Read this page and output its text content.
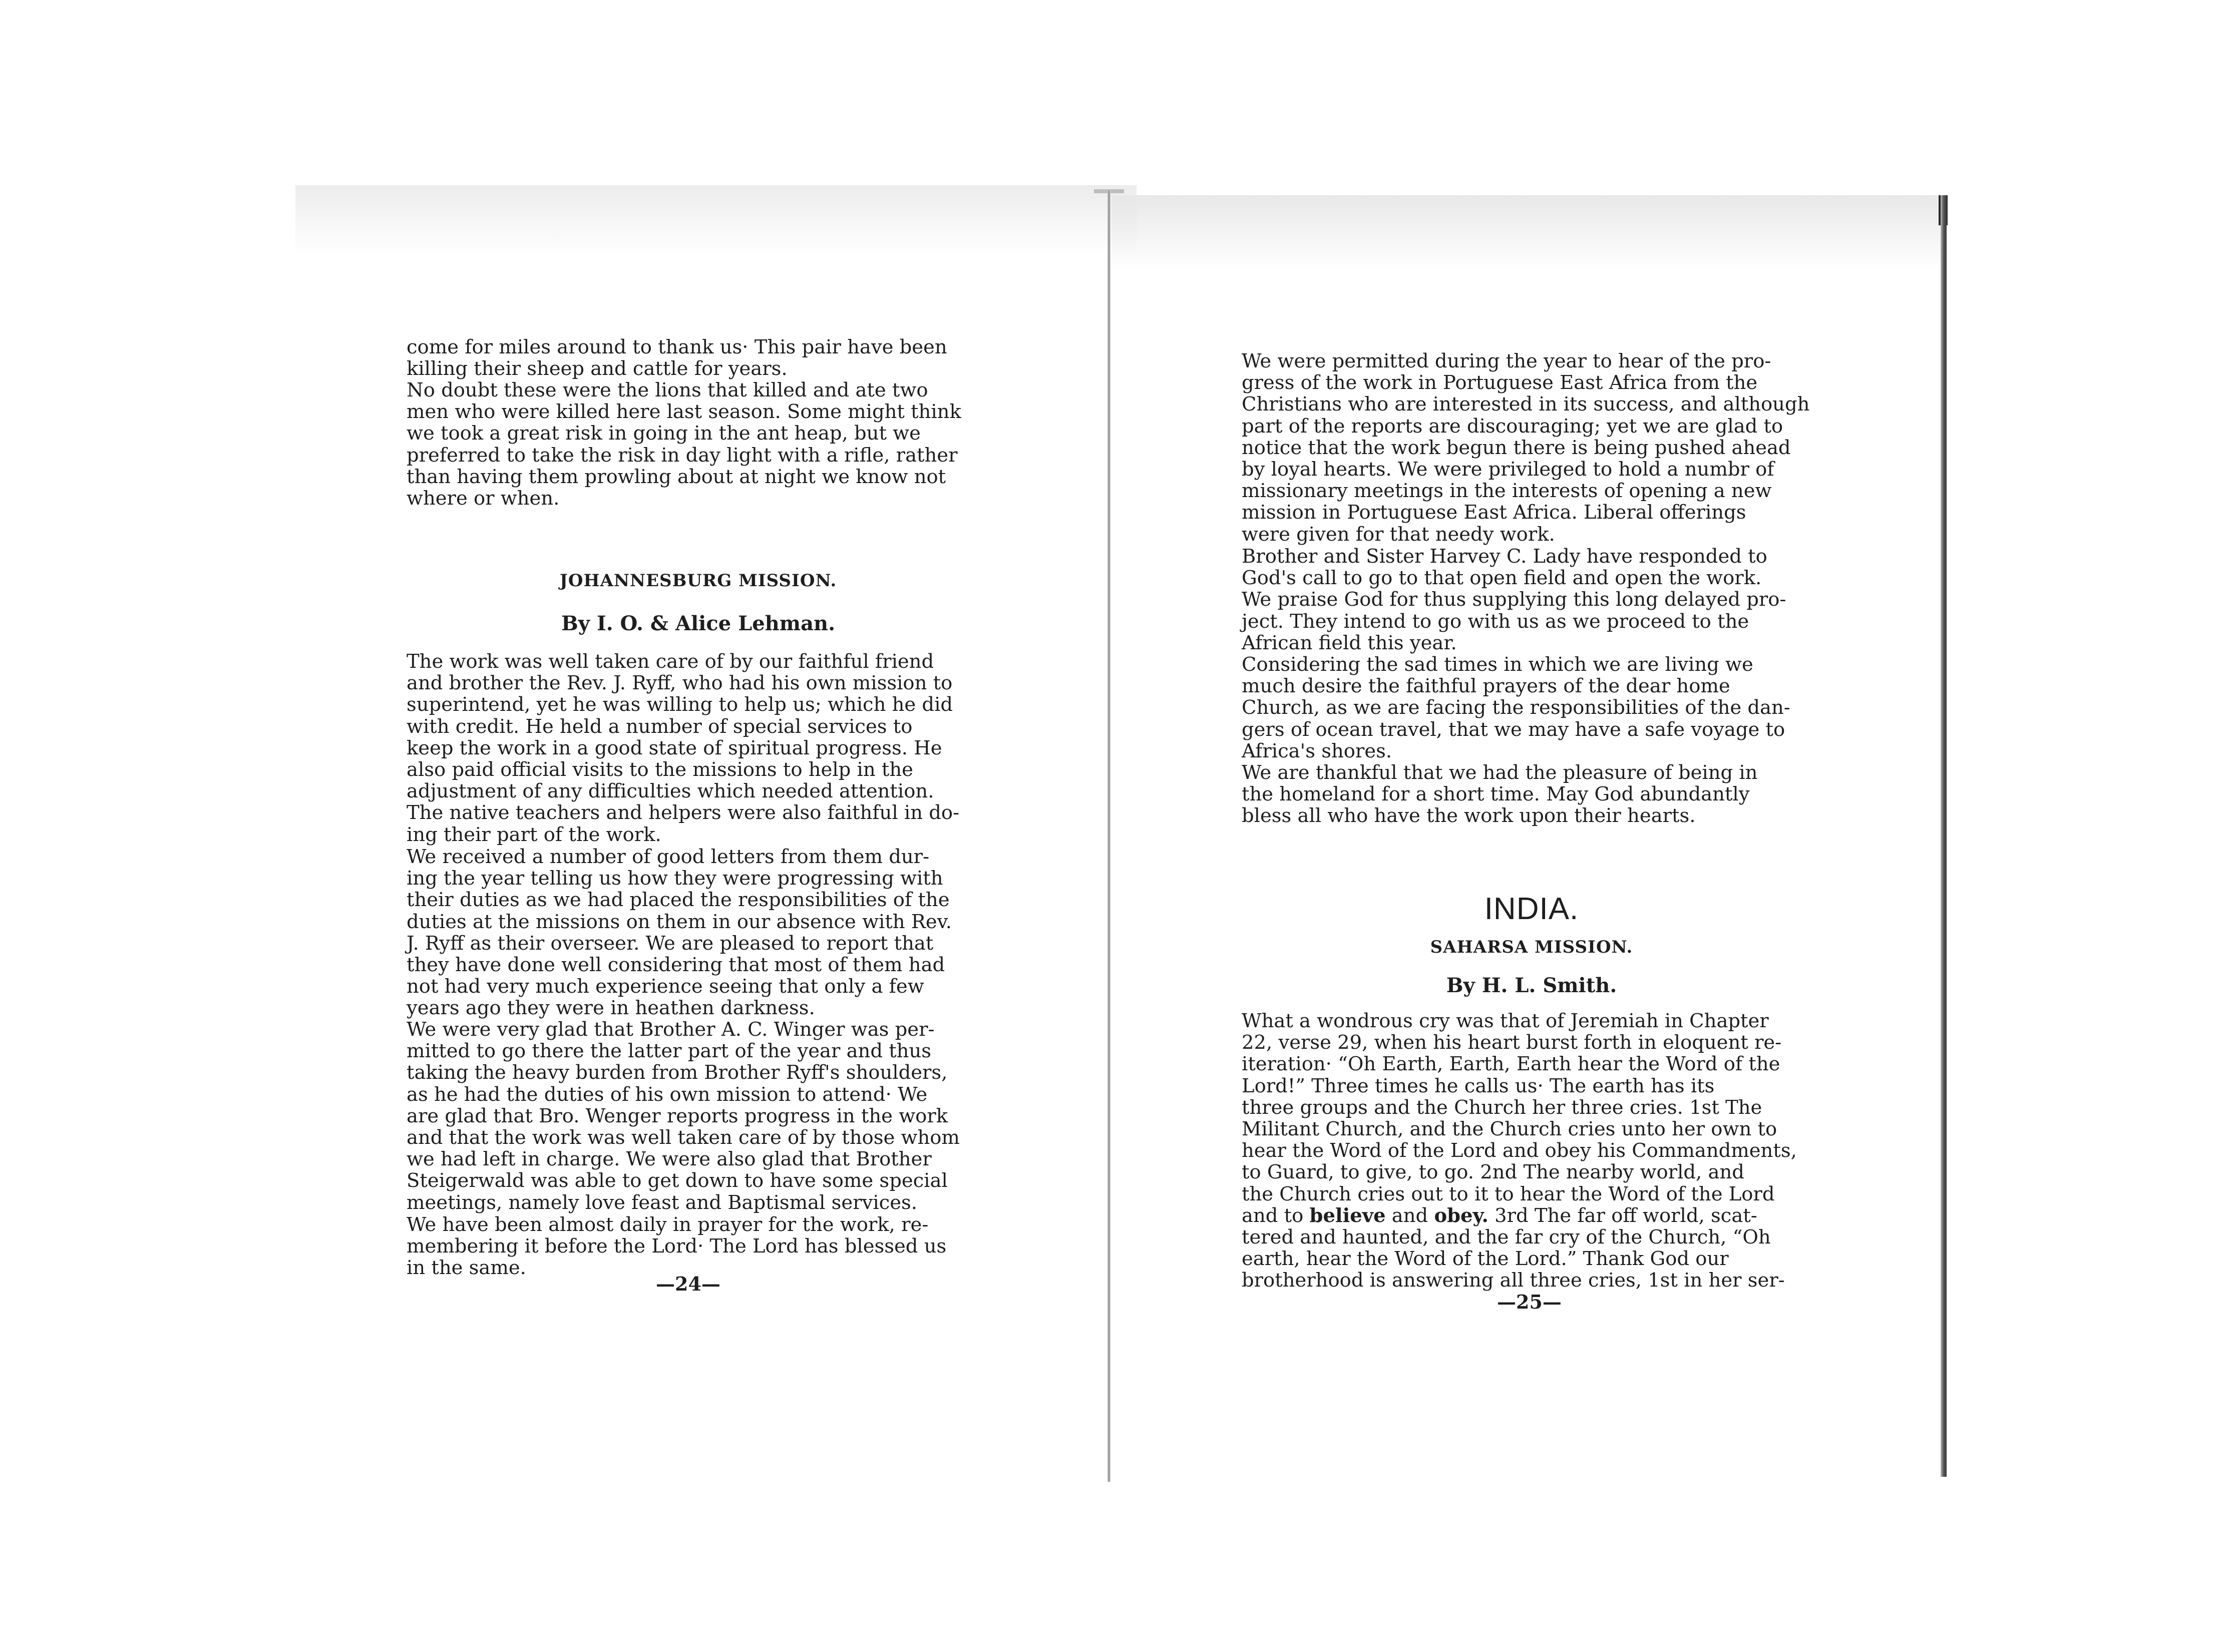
come for miles around to thank us· This pair have been
killing their sheep and cattle for years.
No doubt these were the lions that killed and ate two
men who were killed here last season. Some might think
we took a great risk in going in the ant heap, but we
preferred to take the risk in day light with a rifle, rather
than having them prowling about at night we know not
where or when.
JOHANNESBURG MISSION.
By I. O. & Alice Lehman.
The work was well taken care of by our faithful friend
and brother the Rev. J. Ryff, who had his own mission to
superintend, yet he was willing to help us; which he did
with credit. He held a number of special services to
keep the work in a good state of spiritual progress. He
also paid official visits to the missions to help in the
adjustment of any difficulties which needed attention.
The native teachers and helpers were also faithful in do-
ing their part of the work.
We received a number of good letters from them dur-
ing the year telling us how they were progressing with
their duties as we had placed the responsibilities of the
duties at the missions on them in our absence with Rev.
J. Ryff as their overseer. We are pleased to report that
they have done well considering that most of them had
not had very much experience seeing that only a few
years ago they were in heathen darkness.
We were very glad that Brother A. C. Winger was per-
mitted to go there the latter part of the year and thus
taking the heavy burden from Brother Ryff's shoulders,
as he had the duties of his own mission to attend· We
are glad that Bro. Wenger reports progress in the work
and that the work was well taken care of by those whom
we had left in charge. We were also glad that Brother
Steigerwald was able to get down to have some special
meetings, namely love feast and Baptismal services.
We have been almost daily in prayer for the work, re-
membering it before the Lord· The Lord has blessed us
in the same.
—24—
We were permitted during the year to hear of the pro-
gress of the work in Portuguese East Africa from the
Christians who are interested in its success, and although
part of the reports are discouraging; yet we are glad to
notice that the work begun there is being pushed ahead
by loyal hearts. We were privileged to hold a numbr of
missionary meetings in the interests of opening a new
mission in Portuguese East Africa. Liberal offerings
were given for that needy work.
Brother and Sister Harvey C. Lady have responded to
God's call to go to that open field and open the work.
We praise God for thus supplying this long delayed pro-
ject. They intend to go with us as we proceed to the
African field this year.
Considering the sad times in which we are living we
much desire the faithful prayers of the dear home
Church, as we are facing the responsibilities of the dan-
gers of ocean travel, that we may have a safe voyage to
Africa's shores.
We are thankful that we had the pleasure of being in
the homeland for a short time. May God abundantly
bless all who have the work upon their hearts.
INDIA.
SAHARSA MISSION.
By H. L. Smith.
What a wondrous cry was that of Jeremiah in Chapter
22, verse 29, when his heart burst forth in eloquent re-
iteration· “Oh Earth, Earth, Earth hear the Word of the
Lord!” Three times he calls us· The earth has its
three groups and the Church her three cries. 1st The
Militant Church, and the Church cries unto her own to
hear the Word of the Lord and obey his Commandments,
to Guard, to give, to go. 2nd The nearby world, and
the Church cries out to it to hear the Word of the Lord
and to believe and obey. 3rd The far off world, scat-
tered and haunted, and the far cry of the Church, “Oh
earth, hear the Word of the Lord.” Thank God our
brotherhood is answering all three cries, 1st in her ser-
—25—
